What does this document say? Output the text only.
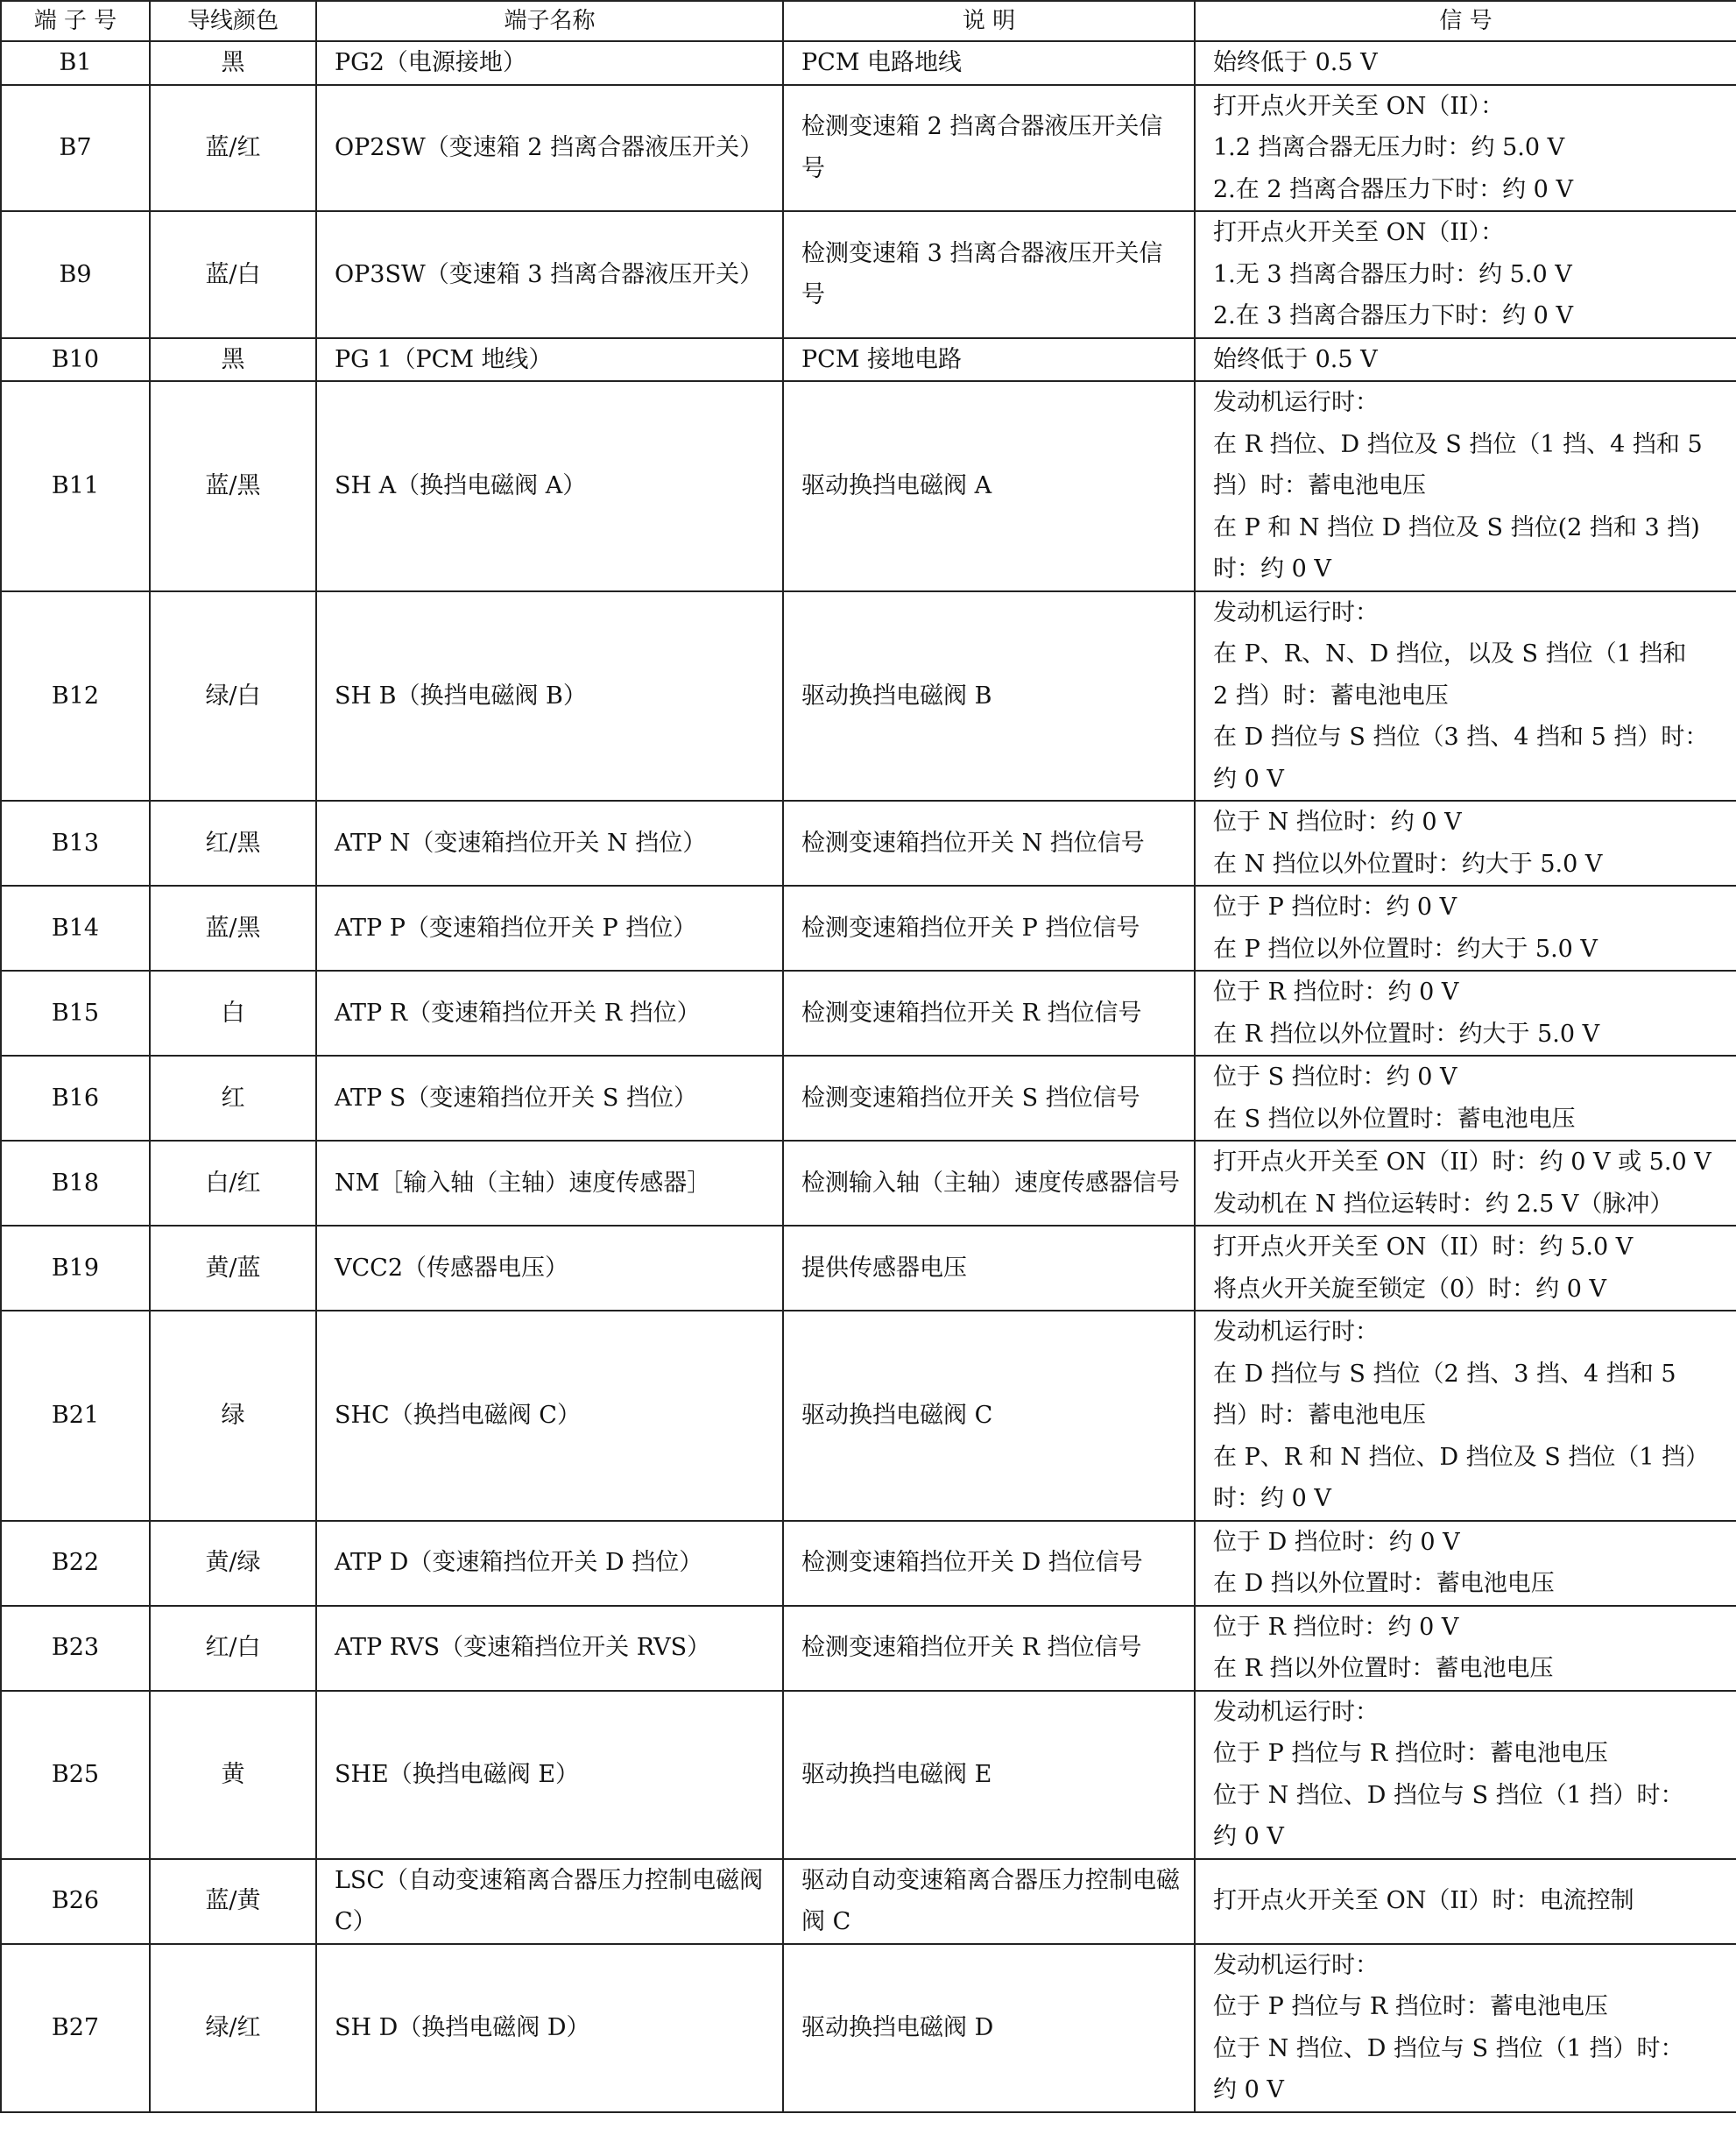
端 子 号	导线颜色	端子名称	说 明	信 号
B1	黑	PG2（电源接地）	PCM 电路地线	始终低于 0.5 V

B7	蓝/红	OP2SW（变速箱 2 挡离合器液压开关）	检测变速箱 2 挡离合器液压开关信号	打开点火开关至 ON（II）：
1.2 挡离合器无压力时：约 5.0 V
2.在 2 挡离合器压力下时：约 0 V

B9	蓝/白	OP3SW（变速箱 3 挡离合器液压开关）	检测变速箱 3 挡离合器液压开关信号	打开点火开关至 ON（II）：
1.无 3 挡离合器压力时：约 5.0 V
2.在 3 挡离合器压力下时：约 0 V

B10	黑	PG 1（PCM 地线）	PCM 接地电路	始终低于 0.5 V

B11	蓝/黑	SH A（换挡电磁阀 A）	驱动换挡电磁阀 A	发动机运行时：
在 R 挡位、D 挡位及 S 挡位（1 挡、4 挡和 5
挡）时：蓄电池电压
在 P 和 N 挡位 D 挡位及 S 挡位(2 挡和 3 挡)
时：约 0 V

B12	绿/白	SH B（换挡电磁阀 B）	驱动换挡电磁阀 B	发动机运行时：
在 P、R、N、D 挡位，以及 S 挡位（1 挡和
2 挡）时：蓄电池电压
在 D 挡位与 S 挡位（3 挡、4 挡和 5 挡）时：
约 0 V

B13	红/黑	ATP N（变速箱挡位开关 N 挡位）	检测变速箱挡位开关 N 挡位信号	位于 N 挡位时：约 0 V
在 N 挡位以外位置时：约大于 5.0 V

B14	蓝/黑	ATP P（变速箱挡位开关 P 挡位）	检测变速箱挡位开关 P 挡位信号	位于 P 挡位时：约 0 V
在 P 挡位以外位置时：约大于 5.0 V

B15	白	ATP R（变速箱挡位开关 R 挡位）	检测变速箱挡位开关 R 挡位信号	位于 R 挡位时：约 0 V
在 R 挡位以外位置时：约大于 5.0 V

B16	红	ATP S（变速箱挡位开关 S 挡位）	检测变速箱挡位开关 S 挡位信号	位于 S 挡位时：约 0 V
在 S 挡位以外位置时：蓄电池电压

B18	白/红	NM［输入轴（主轴）速度传感器］	检测输入轴（主轴）速度传感器信号	打开点火开关至 ON（II）时：约 0 V 或 5.0 V
发动机在 N 挡位运转时：约 2.5 V（脉冲）

B19	黄/蓝	VCC2（传感器电压）	提供传感器电压	打开点火开关至 ON（II）时：约 5.0 V
将点火开关旋至锁定（0）时：约 0 V

B21	绿	SHC（换挡电磁阀 C）	驱动换挡电磁阀 C	发动机运行时：
在 D 挡位与 S 挡位（2 挡、3 挡、4 挡和 5
挡）时：蓄电池电压
在 P、R 和 N 挡位、D 挡位及 S 挡位（1 挡）
时：约 0 V

B22	黄/绿	ATP D（变速箱挡位开关 D 挡位）	检测变速箱挡位开关 D 挡位信号	位于 D 挡位时：约 0 V
在 D 挡以外位置时：蓄电池电压

B23	红/白	ATP RVS（变速箱挡位开关 RVS）	检测变速箱挡位开关 R 挡位信号	位于 R 挡位时：约 0 V
在 R 挡以外位置时：蓄电池电压

B25	黄	SHE（换挡电磁阀 E）	驱动换挡电磁阀 E	发动机运行时：
位于 P 挡位与 R 挡位时：蓄电池电压
位于 N 挡位、D 挡位与 S 挡位（1 挡）时：
约 0 V

B26	蓝/黄	LSC（自动变速箱离合器压力控制电磁阀 C）	驱动自动变速箱离合器压力控制电磁阀 C	打开点火开关至 ON（II）时：电流控制

B27	绿/红	SH D（换挡电磁阀 D）	驱动换挡电磁阀 D	发动机运行时：
位于 P 挡位与 R 挡位时：蓄电池电压
位于 N 挡位、D 挡位与 S 挡位（1 挡）时：
约 0 V
